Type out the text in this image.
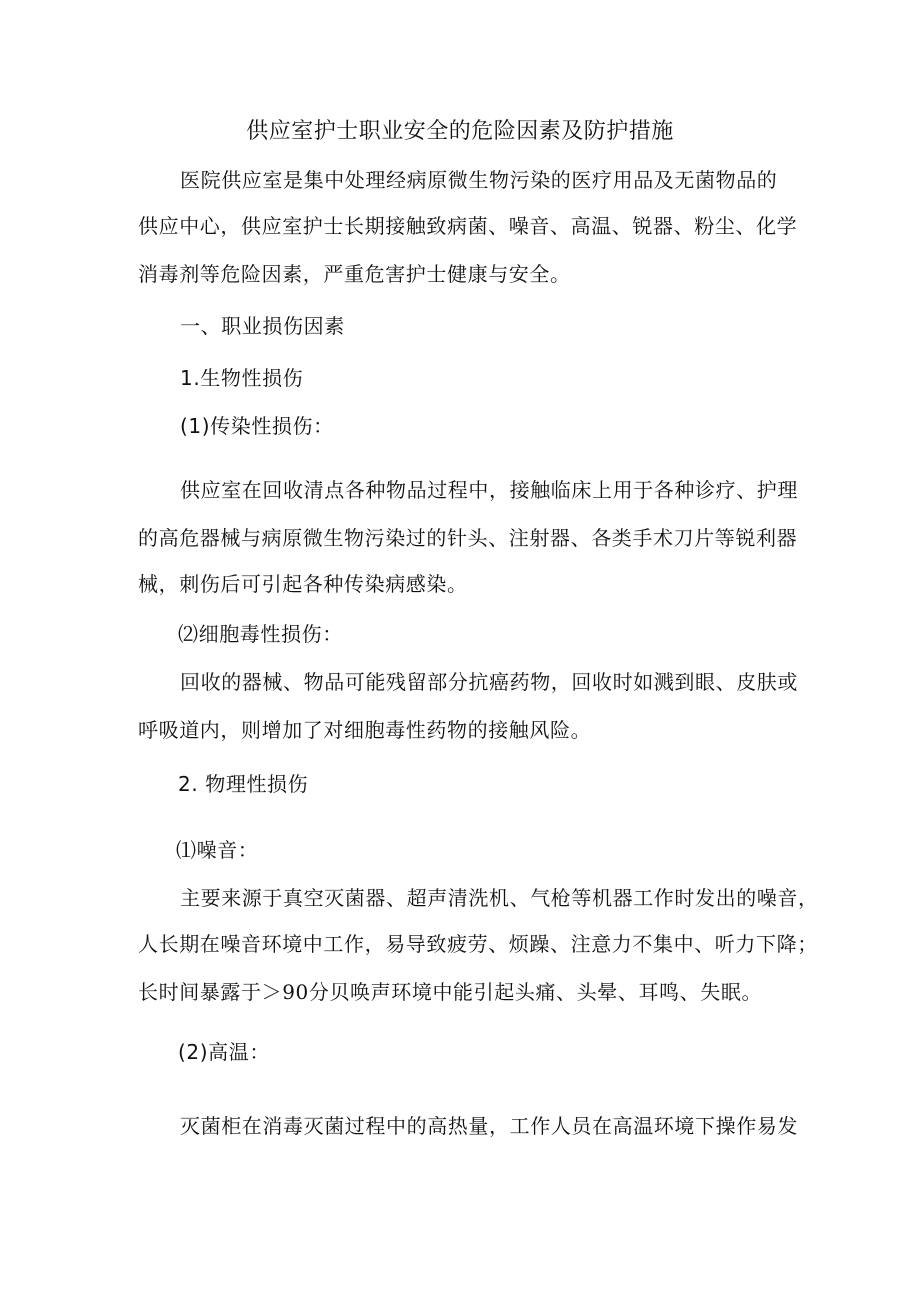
供应室护士职业安全的危险因素及防护措施
医院供应室是集中处理经病原微生物污染的医疗用品及无菌物品的
供应中心，供应室护士长期接触致病菌、噪音、高温、锐器、粉尘、化学
消毒剂等危险因素，严重危害护士健康与安全。
一、职业损伤因素
1.生物性损伤
(1)传染性损伤：
供应室在回收清点各种物品过程中，接触临床上用于各种诊疗、护理
的高危器械与病原微生物污染过的针头、注射器、各类手术刀片等锐利器
械，刺伤后可引起各种传染病感染。
⑵细胞毒性损伤：
回收的器械、物品可能残留部分抗癌药物，回收时如溅到眼、皮肤或
呼吸道内，则增加了对细胞毒性药物的接触风险。
2. 物理性损伤
⑴噪音：
主要来源于真空灭菌器、超声清洗机、气枪等机器工作时发出的噪音，
人长期在噪音环境中工作，易导致疲劳、烦躁、注意力不集中、听力下降；
长时间暴露于＞90分贝唤声环境中能引起头痛、头晕、耳鸣、失眠。
(2)高温：
灭菌柜在消毒灭菌过程中的高热量，工作人员在高温环境下操作易发
